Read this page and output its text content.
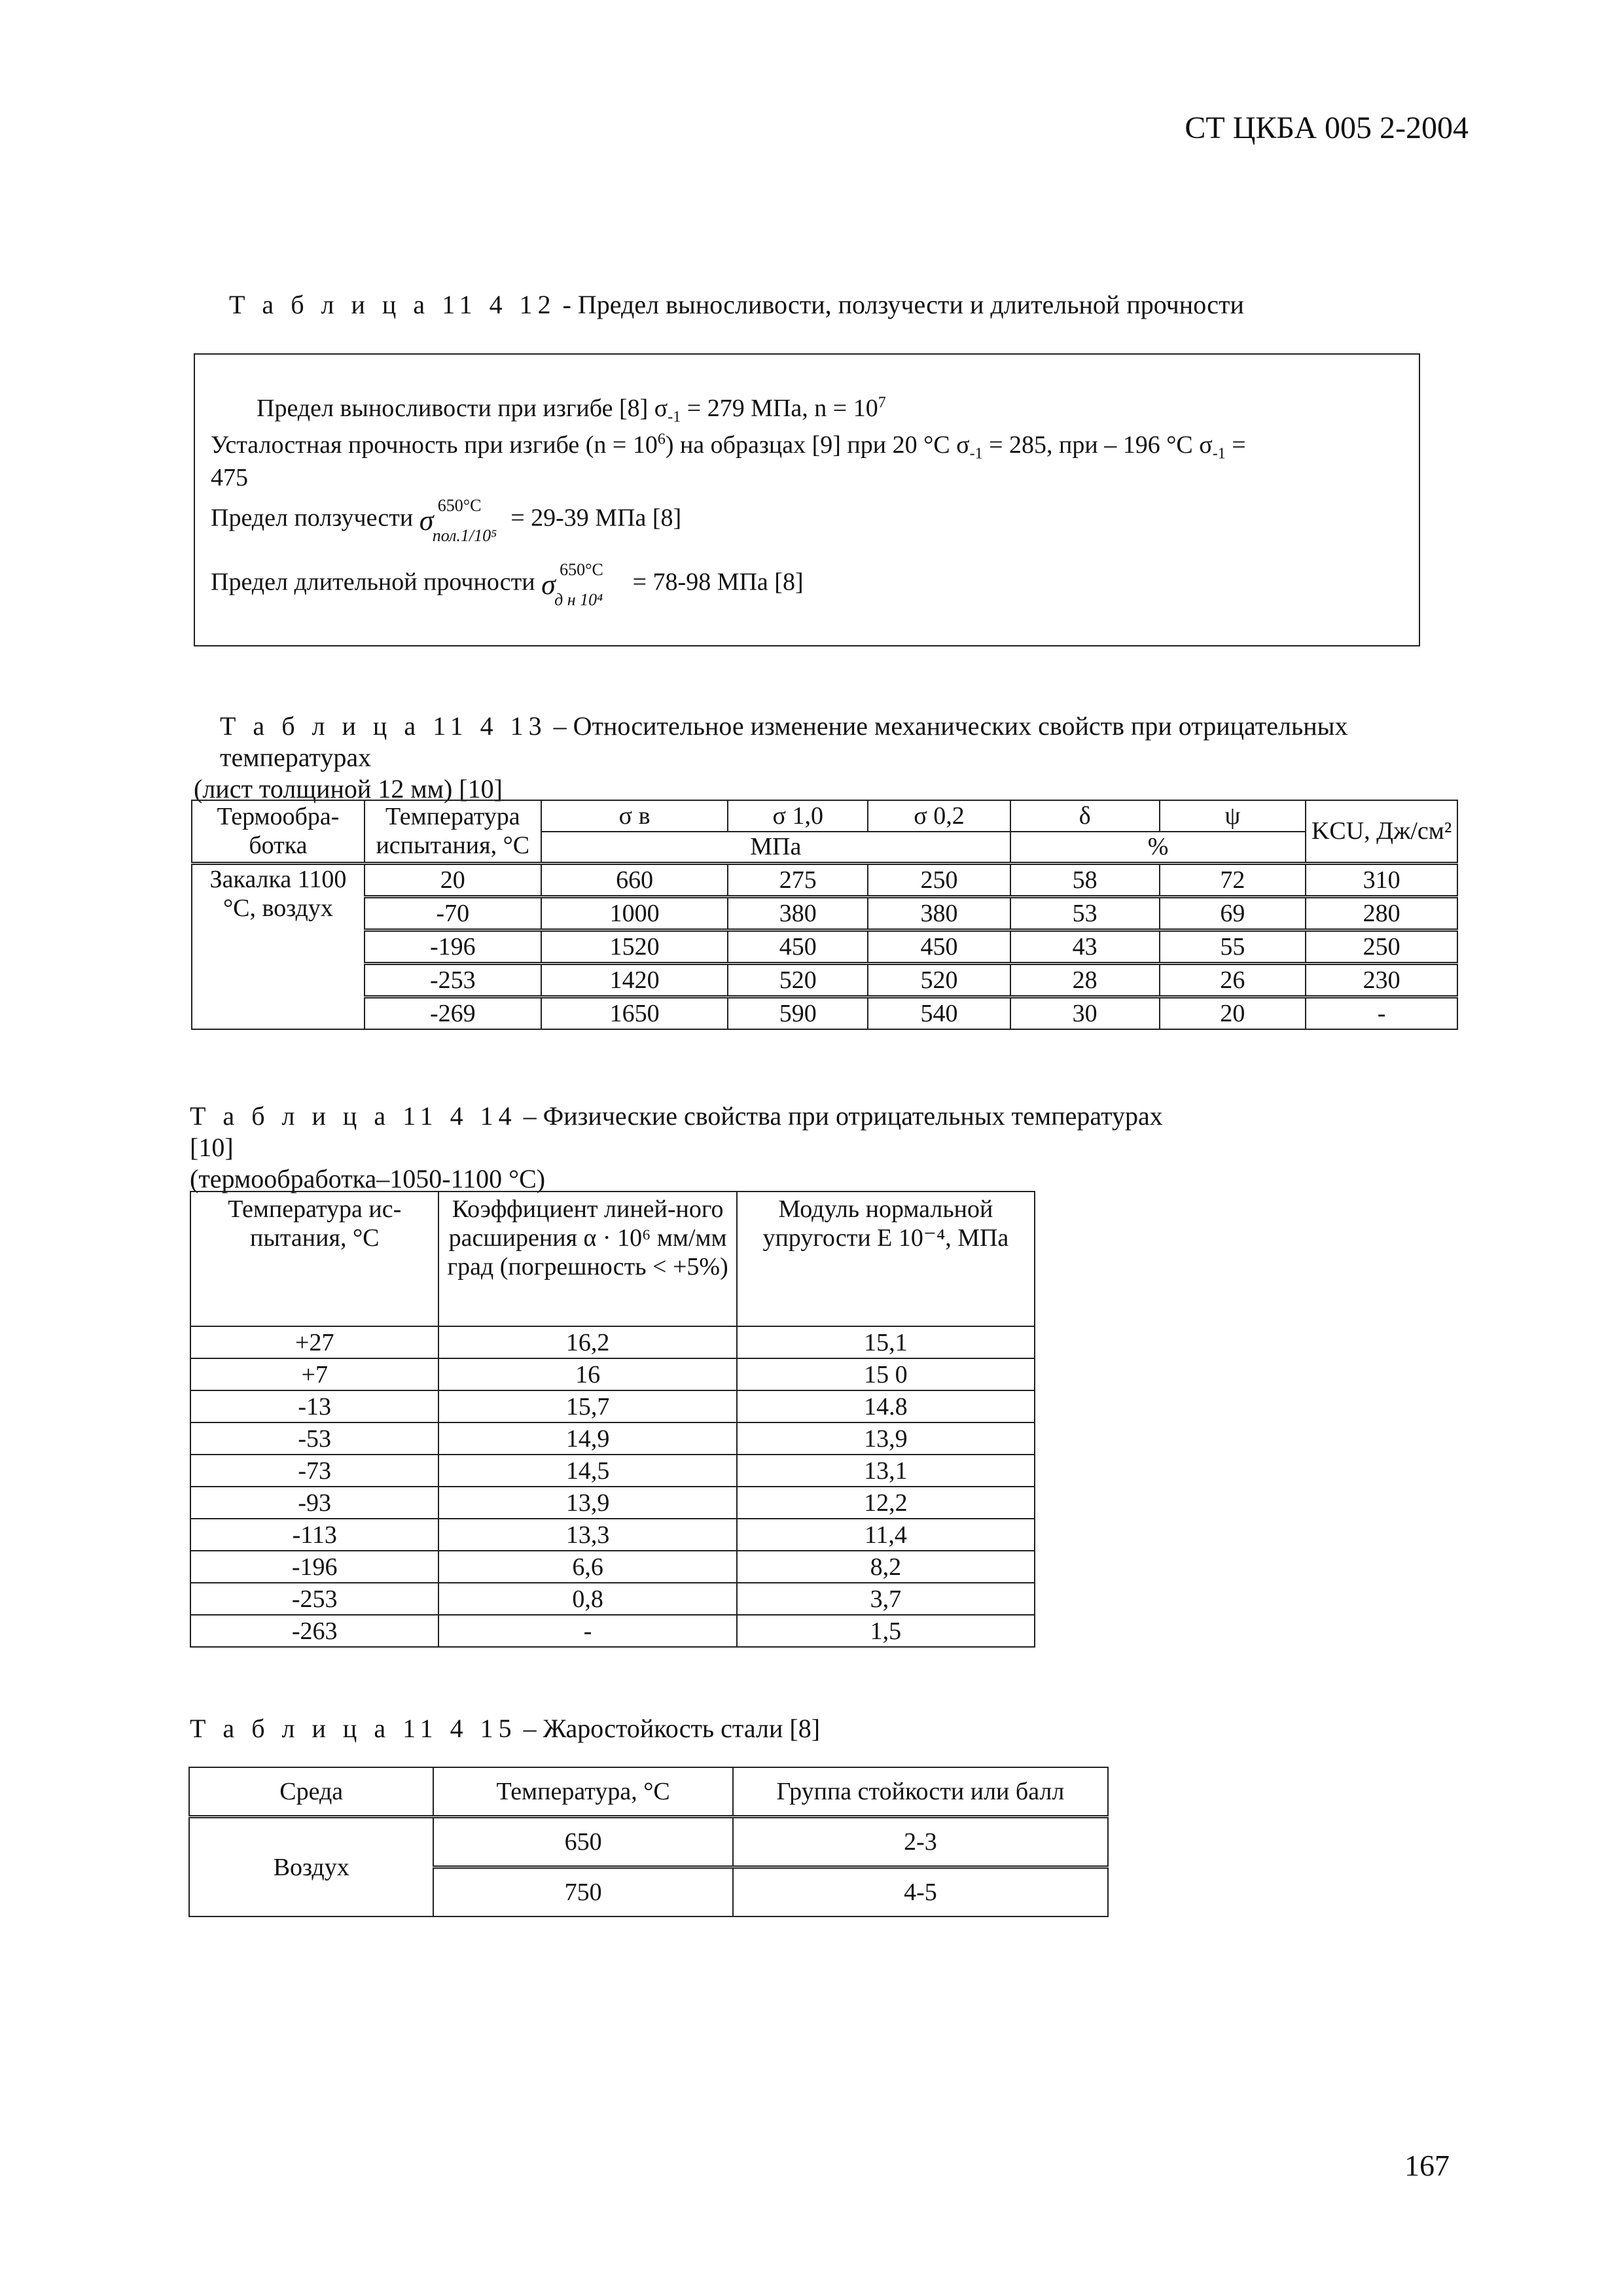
СТ ЦКБА 005 2-2004
Т а б л и ц а 11 4 12 - Предел выносливости, ползучести и длительной прочности
Предел выносливости при изгибе [8] $\sigma_{-1} = 279$ МПа, $n = 10^7$
Усталостная прочность при изгибе $(n = 10^6)$ на образцах [9] при 20 °С $\sigma_{-1} = 285$, при – 196 °С $\sigma_{-1}$ =
475
Предел ползучести σ 650°С
пол.1/10⁵
= 29-39 МПа [8]
Предел длительной прочности σ 650°С
д н 10⁴
= 78-98 МПа [8]
Т а б л и ц а 11 4 13 – Относительное изменение механических свойств при отрицательных температурах
(лист толщиной 12 мм) [10]
Термообра-ботка	Температура испытания, °С	σ в	σ 1,0	σ 0,2	δ	ψ	KCU, Дж/см²
		МПа			%		
Закалка 1100 °С, воздух	20	660	275	250	58	72	310
	-70	1000	380	380	53	69	280
	-196	1520	450	450	43	55	250
	-253	1420	520	520	28	26	230
	-269	1650	590	540	30	20	-
Т а б л и ц а 11 4 14 – Физические свойства при отрицательных температурах [10]
(термообработка–1050-1100 °С)
Температура ис-пытания, °С	Коэффициент линей-ного расширения α · 10⁶ мм/мм град (погрешность < +5%)	Модуль нормальной упругости E 10⁻⁴, МПа
+27	16,2	15,1
+7	16	15 0
-13	15,7	14.8
-53	14,9	13,9
-73	14,5	13,1
-93	13,9	12,2
-113	13,3	11,4
-196	6,6	8,2
-253	0,8	3,7
-263	-	1,5
Т а б л и ц а 11 4 15 – Жаростойкость стали [8]
Среда	Температура, °С	Группа стойкости или балл
Воздух	650	2-3
	750	4-5
167
